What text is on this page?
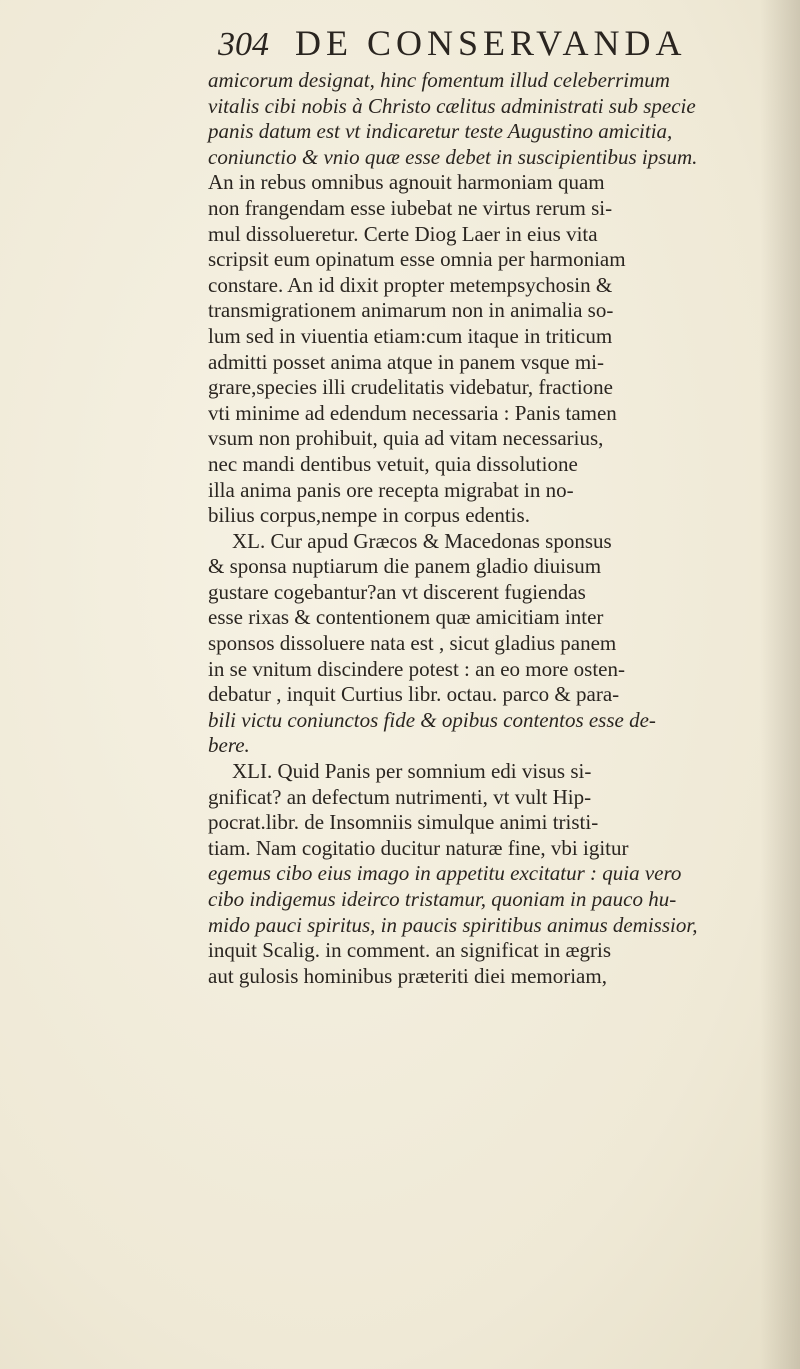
304 DE CONSERVANDA
amicorum designat, hinc fomentum illud celeberrimum
vitalis cibi nobis à Christo cælitus administrati sub specie
panis datum est vt indicaretur teste Augustino amicitia,
coniunctio & vnio quæ esse debet in suscipientibus ipsum.
An in rebus omnibus agnouit harmoniam quam
non frangendam esse iubebat ne virtus rerum si-
mul dissolueretur. Certe Diog Laer in eius vita
scripsit eum opinatum esse omnia per harmoniam
constare. An id dixit propter metempsychosin &
transmigrationem animarum non in animalia so-
lum sed in viuentia etiam:cum itaque in triticum
admitti posset anima atque in panem vsque mi-
grare,species illi crudelitatis videbatur, fractione
vti minime ad edendum necessaria : Panis tamen
vsum non prohibuit, quia ad vitam necessarius,
nec mandi dentibus vetuit, quia dissolutione
illa anima panis ore recepta migrabat in no-
bilius corpus,nempe in corpus edentis.
XL. Cur apud Græcos & Macedonas sponsus
& sponsa nuptiarum die panem gladio diuisum
gustare cogebantur?an vt discerent fugiendas
esse rixas & contentionem quæ amicitiam inter
sponsos dissoluere nata est , sicut gladius panem
in se vnitum discindere potest : an eo more osten-
debatur , inquit Curtius libr. octau. parco & para-
bili victu coniunctos fide & opibus contentos esse de-
bere.
XLI. Quid Panis per somnium edi visus si-
gnificat? an defectum nutrimenti, vt vult Hip-
pocrat.libr. de Insomniis simulque animi tristi-
tiam. Nam cogitatio ducitur naturæ fine, vbi igitur
egemus cibo eius imago in appetitu excitatur : quia vero
cibo indigemus ideirco tristamur, quoniam in pauco hu-
mido pauci spiritus, in paucis spiritibus animus demissior,
inquit Scalig. in comment. an significat in ægris
aut gulosis hominibus præteriti diei memoriam,
